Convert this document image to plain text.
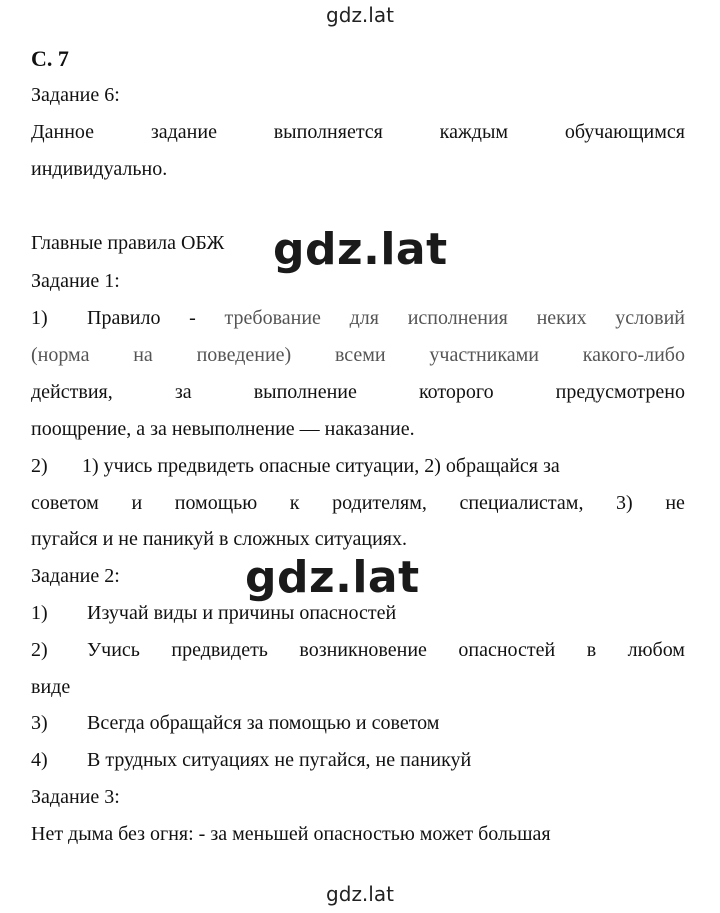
gdz.lat
С. 7
Задание 6:
Данное	задание	выполняется	каждым	обучающимся
индивидуально.
Главные правила ОБЖ gdz.lat
Задание 1:
1) Правило - требование для исполнения неких условий
(норма на поведение) всеми участниками какого-либо
действия,	за	выполнение	которого	предусмотрено
поощрение, а за невыполнение — наказание.
2) 1) учись предвидеть опасные ситуации, 2) обращайся за
советом и помощью к родителям, специалистам, 3) не
пугайся и не паникуй в сложных ситуациях.
Задание 2:	gdz.lat
1) Изучай виды и причины опасностей
2) Учись предвидеть возникновение опасностей в любом
виде
3) Всегда обращайся за помощью и советом
4) В трудных ситуациях не пугайся, не паникуй
Задание 3:
Нет дыма без огня: - за меньшей опасностью может большая
gdz.lat
